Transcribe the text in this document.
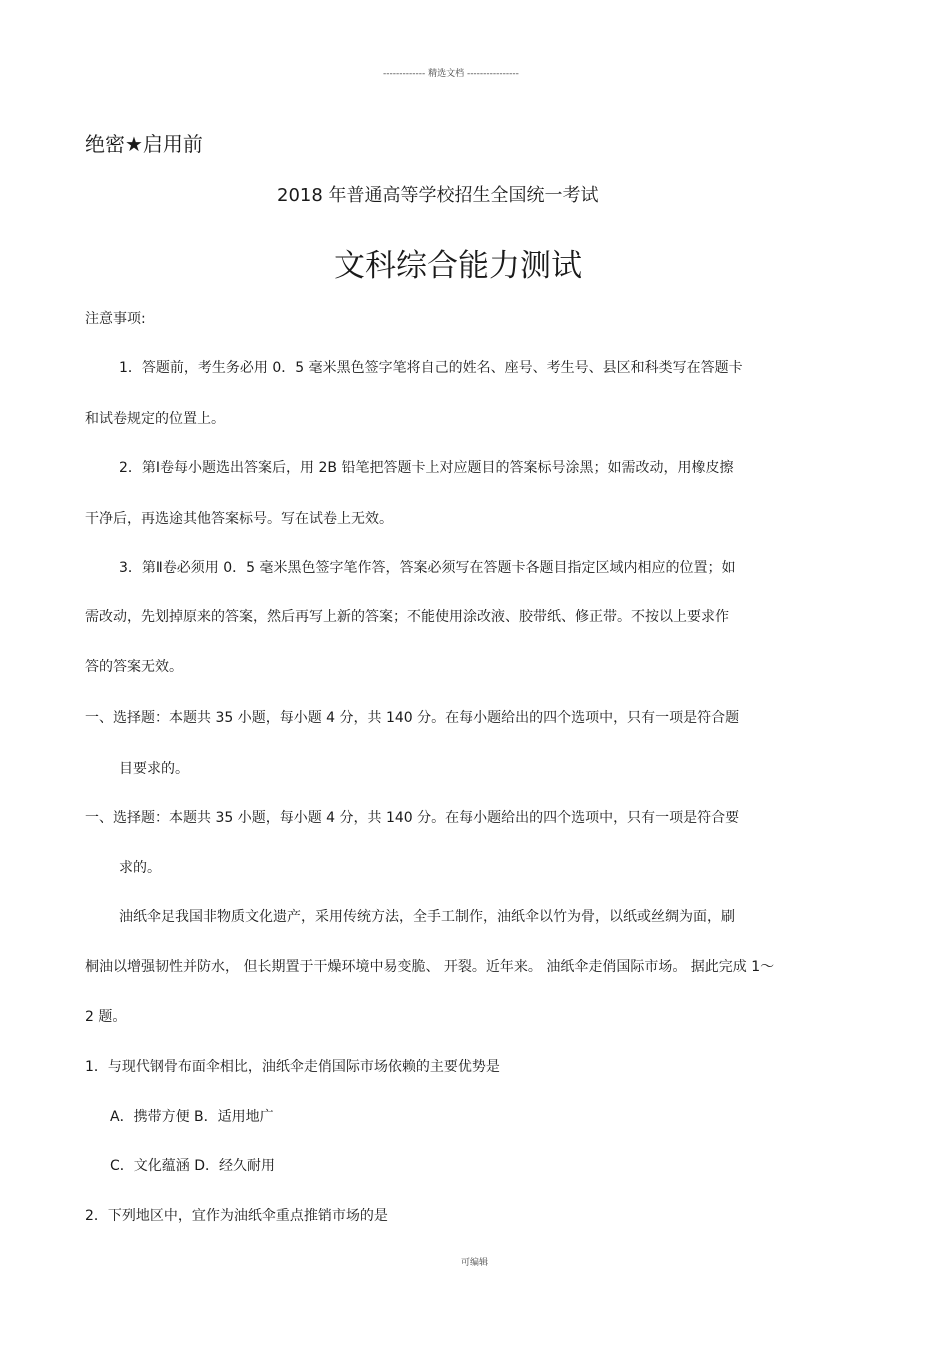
------------- 精选文档 ----------------
绝密★启用前
2018 年普通高等学校招生全国统一考试
文科综合能力测试
注意事项:
1．答题前，考生务必用 0．5 毫米黑色签字笔将自己的姓名、座号、考生号、县区和科类写在答题卡
和试卷规定的位置上。
2．第Ⅰ卷每小题选出答案后，用 2B 铅笔把答题卡上对应题目的答案标号涂黑；如需改动，用橡皮擦
干净后，再选途其他答案标号。写在试卷上无效。
3．第Ⅱ卷必须用 0．5 毫米黑色签字笔作答，答案必须写在答题卡各题目指定区域内相应的位置；如
需改动，先划掉原来的答案，然后再写上新的答案；不能使用涂改液、胶带纸、修正带。不按以上要求作
答的答案无效。
一、选择题：本题共 35 小题，每小题 4 分，共 140 分。在每小题给出的四个选项中，只有一项是符合题
目要求的。
一、选择题：本题共 35 小题，每小题 4 分，共 140 分。在每小题给出的四个选项中，只有一项是符合要
求的。
油纸伞足我国非物质文化遗产，采用传统方法，全手工制作，油纸伞以竹为骨，以纸或丝绸为面，刷
桐油以增强韧性并防水， 但长期置于干燥环境中易变脆、 开裂。近年来。 油纸伞走俏国际市场。 据此完成 1～
2 题。
1．与现代钢骨布面伞相比，油纸伞走俏国际市场依赖的主要优势是
A．携带方便 B．适用地广
C．文化蕴涵 D．经久耐用
2．下列地区中，宜作为油纸伞重点推销市场的是
可编辑
